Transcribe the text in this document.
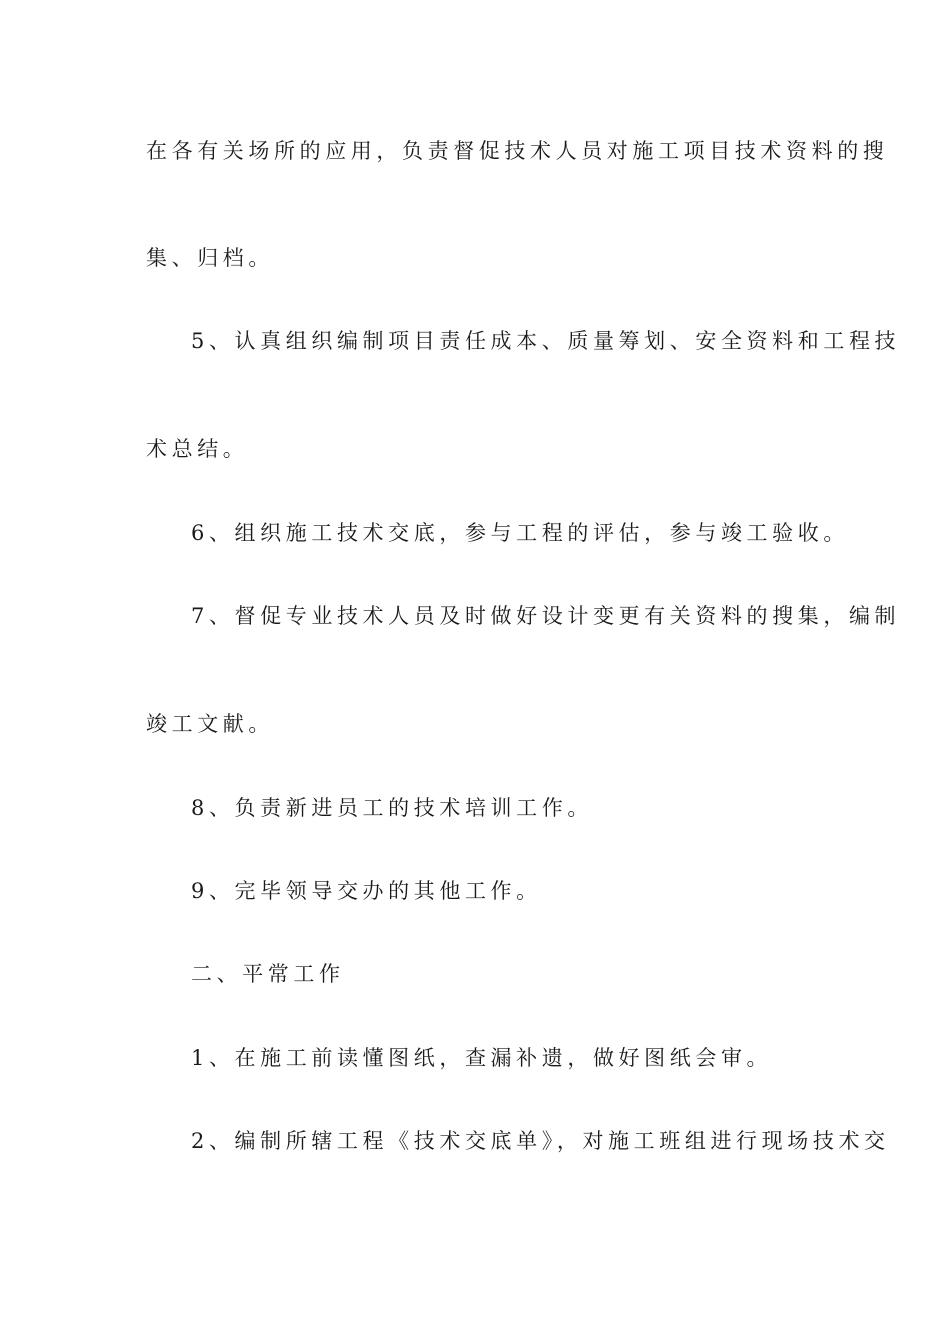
在各有关场所的应用，负责督促技术人员对施工项目技术资料的搜
集、归档。
5、认真组织编制项目责任成本、质量筹划、安全资料和工程技
术总结。
6、组织施工技术交底，参与工程的评估，参与竣工验收。
7、督促专业技术人员及时做好设计变更有关资料的搜集，编制
竣工文献。
8、负责新进员工的技术培训工作。
9、完毕领导交办的其他工作。
二、平常工作
1、在施工前读懂图纸，查漏补遗，做好图纸会审。
2、编制所辖工程《技术交底单》，对施工班组进行现场技术交
